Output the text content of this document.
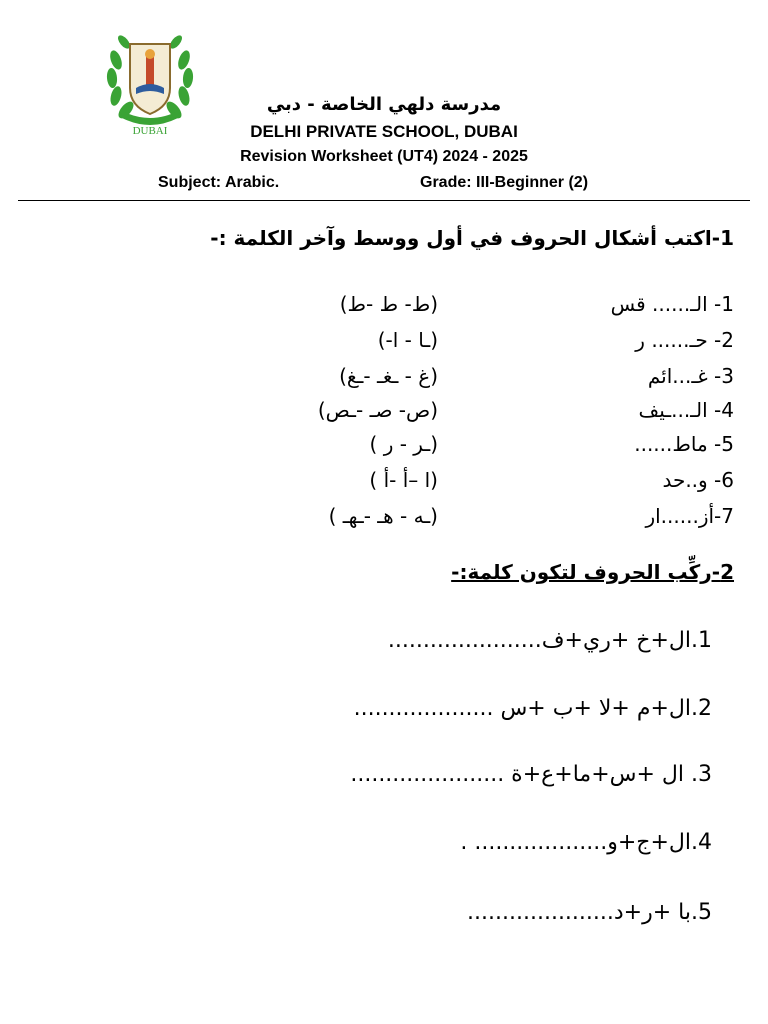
DUBAI
مدرسة دلهي الخاصة - دبي
DELHI PRIVATE SCHOOL, DUBAI
Revision Worksheet (UT4) 2024 - 2025
Subject: Arabic.	Grade: III-Beginner (2)
1-اكتب أشكال الحروف في أول ووسط وآخر الكلمة :-
1- الـ...... قس
(ط- ط -ط)
2- حـ...... ر
(ـا - ا-)
3- غـ...ائم
(غ - ـغـ -ـغ)
4- الـ...ـيف
(ص- صـ -ـص)
5- ماط......
(ـر - ر )
6- و..حد
(ا –أ -أ )
7-أز......ار
(ـه - هـ -ـهـ )
2-ركِّب الحروف لتكون كلمة:-
1.ال+خ +ري+ف......................
2.ال+م +لا +ب +س ....................
3. ال +س+ما+ع+ة ......................
4.ال+ج+و................... .
5.با +ر+د.....................
